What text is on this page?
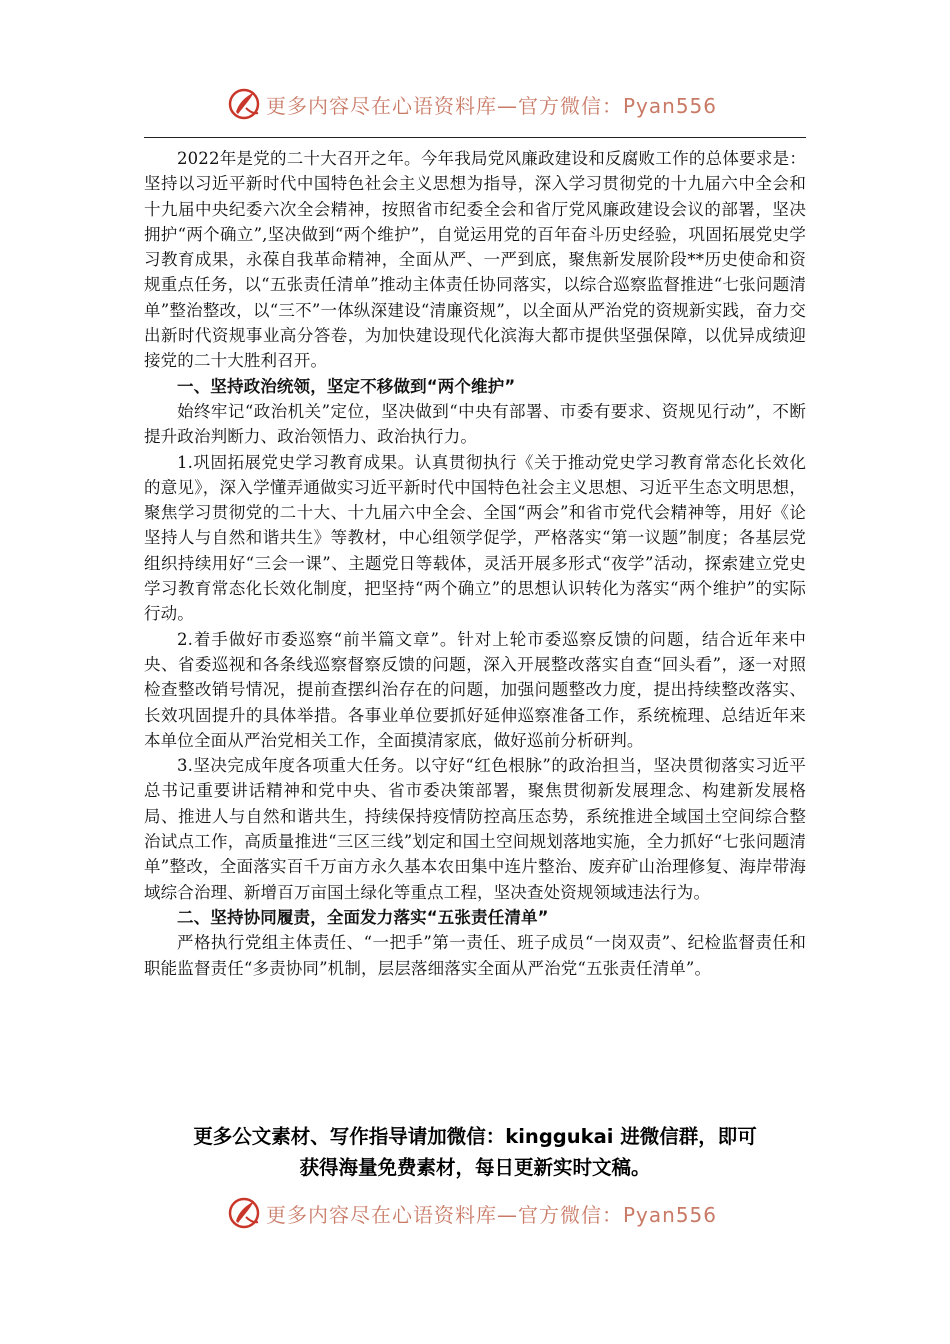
更多内容尽在心语资料库—官方微信：Pyan556

2022年是党的二十大召开之年。今年我局党风廉政建设和反腐败工作的总体要求是：坚持以习近平新时代中国特色社会主义思想为指导，深入学习贯彻党的十九届六中全会和十九届中央纪委六次全会精神，按照省市纪委全会和省厅党风廉政建设会议的部署，坚决拥护“两个确立”,坚决做到“两个维护”，自觉运用党的百年奋斗历史经验，巩固拓展党史学习教育成果，永葆自我革命精神，全面从严、一严到底，聚焦新发展阶段**历史使命和资规重点任务，以“五张责任清单”推动主体责任协同落实，以综合巡察监督推进“七张问题清单”整治整改，以“三不”一体纵深建设“清廉资规”，以全面从严治党的资规新实践，奋力交出新时代资规事业高分答卷，为加快建设现代化滨海大都市提供坚强保障，以优异成绩迎接党的二十大胜利召开。

一、坚持政治统领，坚定不移做到“两个维护”

始终牢记“政治机关”定位，坚决做到“中央有部署、市委有要求、资规见行动”，不断提升政治判断力、政治领悟力、政治执行力。

1.巩固拓展党史学习教育成果。认真贯彻执行《关于推动党史学习教育常态化长效化的意见》，深入学懂弄通做实习近平新时代中国特色社会主义思想、习近平生态文明思想，聚焦学习贯彻党的二十大、十九届六中全会、全国“两会”和省市党代会精神等，用好《论坚持人与自然和谐共生》等教材，中心组领学促学，严格落实“第一议题”制度；各基层党组织持续用好“三会一课”、主题党日等载体，灵活开展多形式“夜学”活动，探索建立党史学习教育常态化长效化制度，把坚持“两个确立”的思想认识转化为落实“两个维护”的实际行动。

2.着手做好市委巡察“前半篇文章”。针对上轮市委巡察反馈的问题，结合近年来中央、省委巡视和各条线巡察督察反馈的问题，深入开展整改落实自查“回头看”，逐一对照检查整改销号情况，提前查摆纠治存在的问题，加强问题整改力度，提出持续整改落实、长效巩固提升的具体举措。各事业单位要抓好延伸巡察准备工作，系统梳理、总结近年来本单位全面从严治党相关工作，全面摸清家底，做好巡前分析研判。

3.坚决完成年度各项重大任务。以守好“红色根脉”的政治担当，坚决贯彻落实习近平总书记重要讲话精神和党中央、省市委决策部署，聚焦贯彻新发展理念、构建新发展格局、推进人与自然和谐共生，持续保持疫情防控高压态势，系统推进全域国土空间综合整治试点工作，高质量推进“三区三线”划定和国土空间规划落地实施，全力抓好“七张问题清单”整改，全面落实百千万亩方永久基本农田集中连片整治、废弃矿山治理修复、海岸带海域综合治理、新增百万亩国土绿化等重点工程，坚决查处资规领域违法行为。

二、坚持协同履责，全面发力落实“五张责任清单”

严格执行党组主体责任、“一把手”第一责任、班子成员“一岗双责”、纪检监督责任和职能监督责任“多责协同”机制，层层落细落实全面从严治党“五张责任清单”。

更多公文素材、写作指导请加微信：kinggukai 进微信群，即可
获得海量免费素材，每日更新实时文稿。
更多内容尽在心语资料库—官方微信：Pyan556
